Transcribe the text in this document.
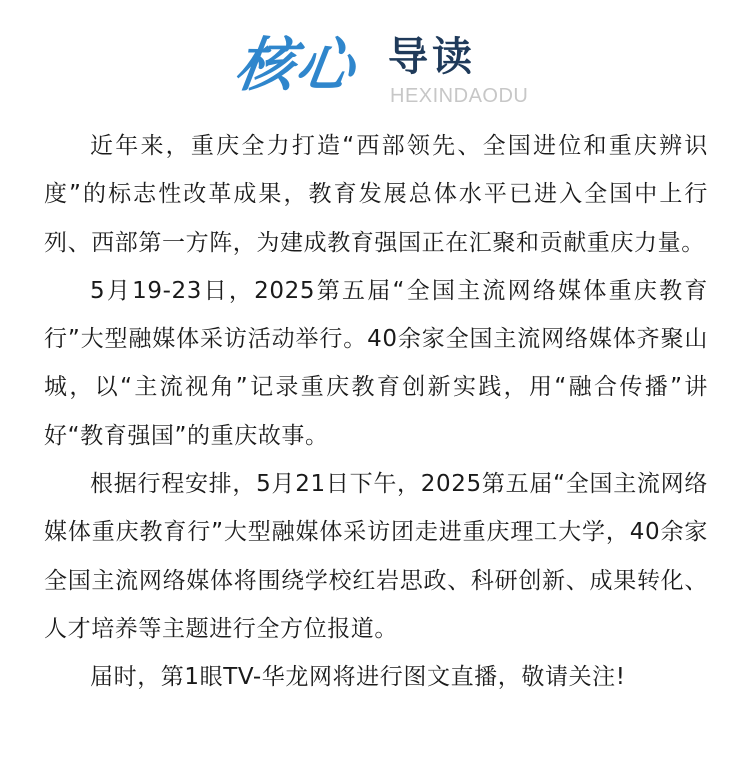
核心 导读
HEXINDAODU

近年来，重庆全力打造“西部领先、全国进位和重庆辨识度”的标志性改革成果，教育发展总体水平已进入全国中上行列、西部第一方阵，为建成教育强国正在汇聚和贡献重庆力量。

5月19-23日，2025第五届“全国主流网络媒体重庆教育行”大型融媒体采访活动举行。40余家全国主流网络媒体齐聚山城，以“主流视角”记录重庆教育创新实践，用“融合传播”讲好“教育强国”的重庆故事。

根据行程安排，5月21日下午，2025第五届“全国主流网络媒体重庆教育行”大型融媒体采访团走进重庆理工大学，40余家全国主流网络媒体将围绕学校红岩思政、科研创新、成果转化、人才培养等主题进行全方位报道。

届时，第1眼TV-华龙网将进行图文直播，敬请关注!
